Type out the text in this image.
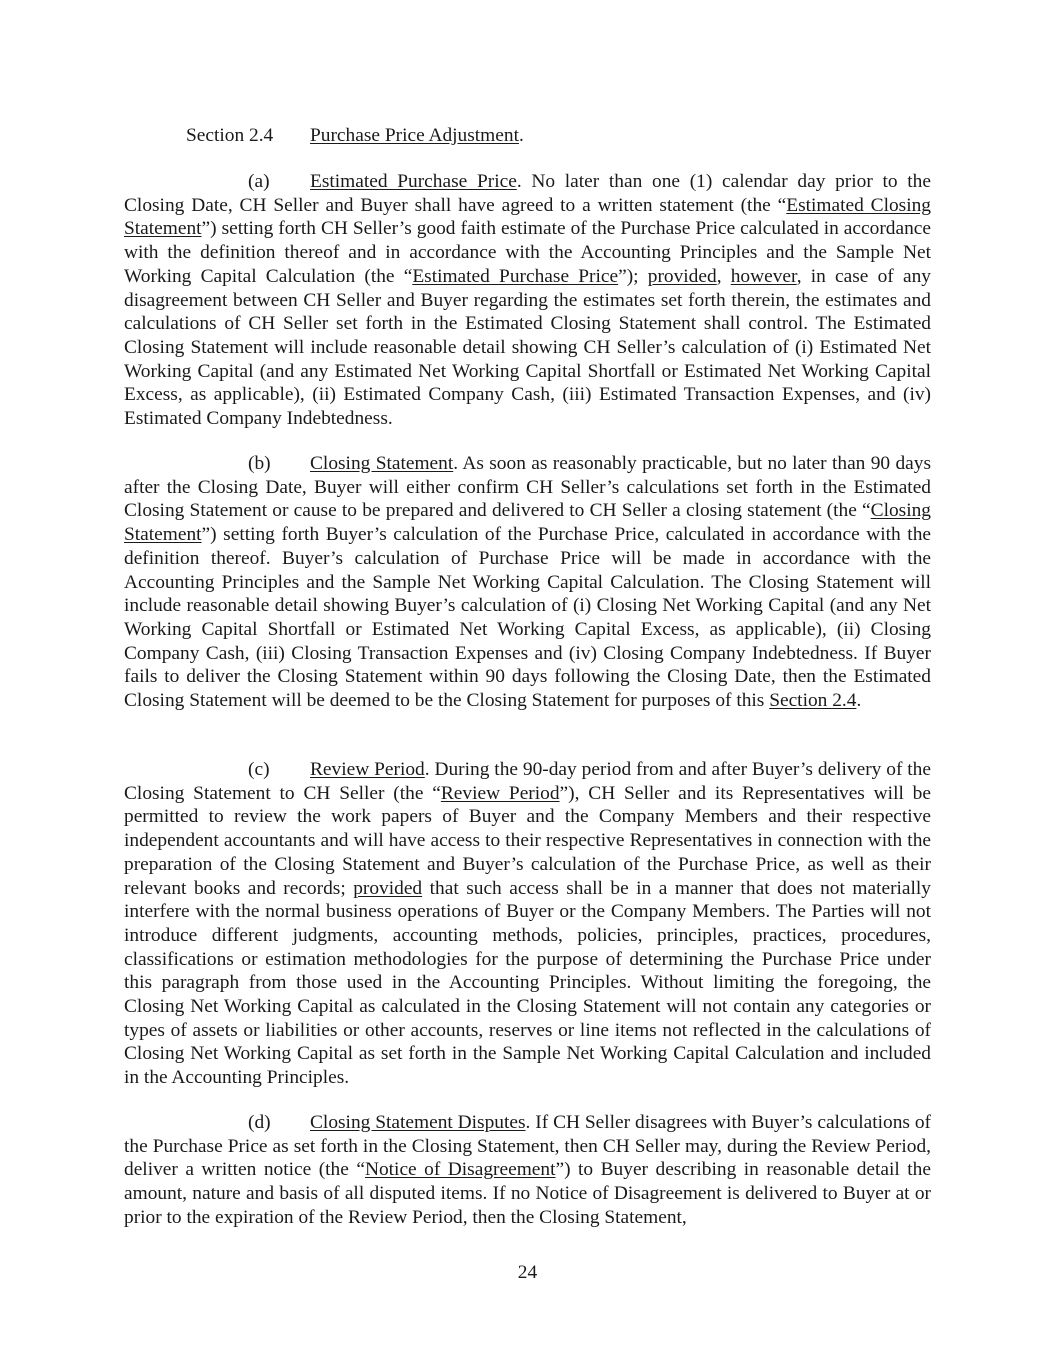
Section 2.4 Purchase Price Adjustment.

(a) Estimated Purchase Price. No later than one (1) calendar day prior to the Closing Date, CH Seller and Buyer shall have agreed to a written statement (the “Estimated Closing Statement”) setting forth CH Seller’s good faith estimate of the Purchase Price calculated in accordance with the definition thereof and in accordance with the Accounting Principles and the Sample Net Working Capital Calculation (the “Estimated Purchase Price”); provided, however, in case of any disagreement between CH Seller and Buyer regarding the estimates set forth therein, the estimates and calculations of CH Seller set forth in the Estimated Closing Statement shall control. The Estimated Closing Statement will include reasonable detail showing CH Seller’s calculation of (i) Estimated Net Working Capital (and any Estimated Net Working Capital Shortfall or Estimated Net Working Capital Excess, as applicable), (ii) Estimated Company Cash, (iii) Estimated Transaction Expenses, and (iv) Estimated Company Indebtedness.

(b) Closing Statement. As soon as reasonably practicable, but no later than 90 days after the Closing Date, Buyer will either confirm CH Seller’s calculations set forth in the Estimated Closing Statement or cause to be prepared and delivered to CH Seller a closing statement (the “Closing Statement”) setting forth Buyer’s calculation of the Purchase Price, calculated in accordance with the definition thereof. Buyer’s calculation of Purchase Price will be made in accordance with the Accounting Principles and the Sample Net Working Capital Calculation. The Closing Statement will include reasonable detail showing Buyer’s calculation of (i) Closing Net Working Capital (and any Net Working Capital Shortfall or Estimated Net Working Capital Excess, as applicable), (ii) Closing Company Cash, (iii) Closing Transaction Expenses and (iv) Closing Company Indebtedness. If Buyer fails to deliver the Closing Statement within 90 days following the Closing Date, then the Estimated Closing Statement will be deemed to be the Closing Statement for purposes of this Section 2.4.

(c) Review Period. During the 90-day period from and after Buyer’s delivery of the Closing Statement to CH Seller (the “Review Period”), CH Seller and its Representatives will be permitted to review the work papers of Buyer and the Company Members and their respective independent accountants and will have access to their respective Representatives in connection with the preparation of the Closing Statement and Buyer’s calculation of the Purchase Price, as well as their relevant books and records; provided that such access shall be in a manner that does not materially interfere with the normal business operations of Buyer or the Company Members. The Parties will not introduce different judgments, accounting methods, policies, principles, practices, procedures, classifications or estimation methodologies for the purpose of determining the Purchase Price under this paragraph from those used in the Accounting Principles. Without limiting the foregoing, the Closing Net Working Capital as calculated in the Closing Statement will not contain any categories or types of assets or liabilities or other accounts, reserves or line items not reflected in the calculations of Closing Net Working Capital as set forth in the Sample Net Working Capital Calculation and included in the Accounting Principles.

(d) Closing Statement Disputes. If CH Seller disagrees with Buyer’s calculations of the Purchase Price as set forth in the Closing Statement, then CH Seller may, during the Review Period, deliver a written notice (the “Notice of Disagreement”) to Buyer describing in reasonable detail the amount, nature and basis of all disputed items. If no Notice of Disagreement is delivered to Buyer at or prior to the expiration of the Review Period, then the Closing Statement,

24
